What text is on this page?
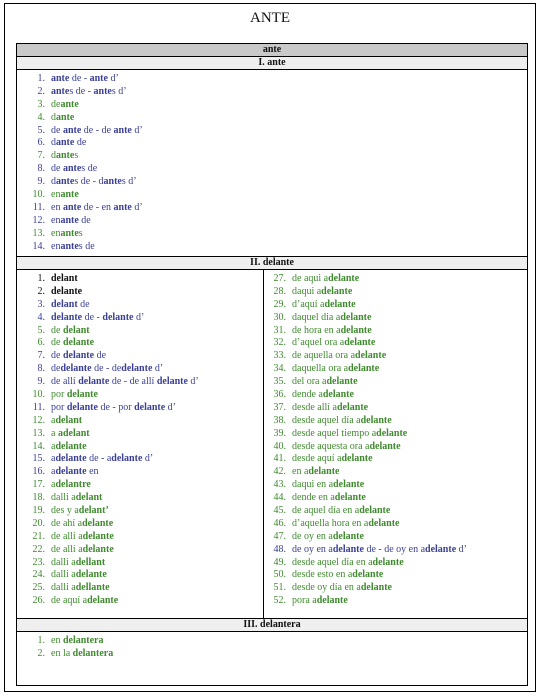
ANTE
ante
I. ante
1. ante de - ante d’
2. antes de - antes d’
3. deante
4. dante
5. de ante de - de ante d’
6. dante de
7. dantes
8. de antes de
9. dantes de - dantes d’
10. enante
11. en ante de - en ante d’
12. enante de
13. enantes
14. enantes de
II. delante
1. delant
2. delante
3. delant de
4. delante de - delante d’
5. de delant
6. de delante
7. de delante de
8. dedelante de - dedelante d’
9. de allí delante de - de allí delante d’
10. por delante
11. por delante de - por delante d’
12. adelant
13. a adelant
14. adelante
15. adelante de - adelante d’
16. adelante en
17. adelantre
18. dalli adelant
19. des y adelant’
20. de ahí adelante
21. de alli adelante
22. de allí adelante
23. dalli adellant
24. dalli adelante
25. dalli adellante
26. de aquí adelante
27. de aqui adelante
28. daqui adelante
29. d’aquí adelante
30. daquel dia adelante
31. de hora en adelante
32. d’aquel ora adelante
33. de aquella ora adelante
34. daquella ora adelante
35. del ora adelante
36. dende adelante
37. desde allí adelante
38. desde aquel día adelante
39. desde aquel tiempo adelante
40. desde aquesta ora adelante
41. desde aquí adelante
42. en adelante
43. daqui en adelante
44. dende en adelante
45. de aquel día en adelante
46. d’aquella hora en adelante
47. de oy en adelante
48. de oy en adelante de - de oy en adelante d’
49. desde aquel día en adelante
50. desde esto en adelante
51. desde oy día en adelante
52. pora adelante
III. delantera
1. en delantera
2. en la delantera
